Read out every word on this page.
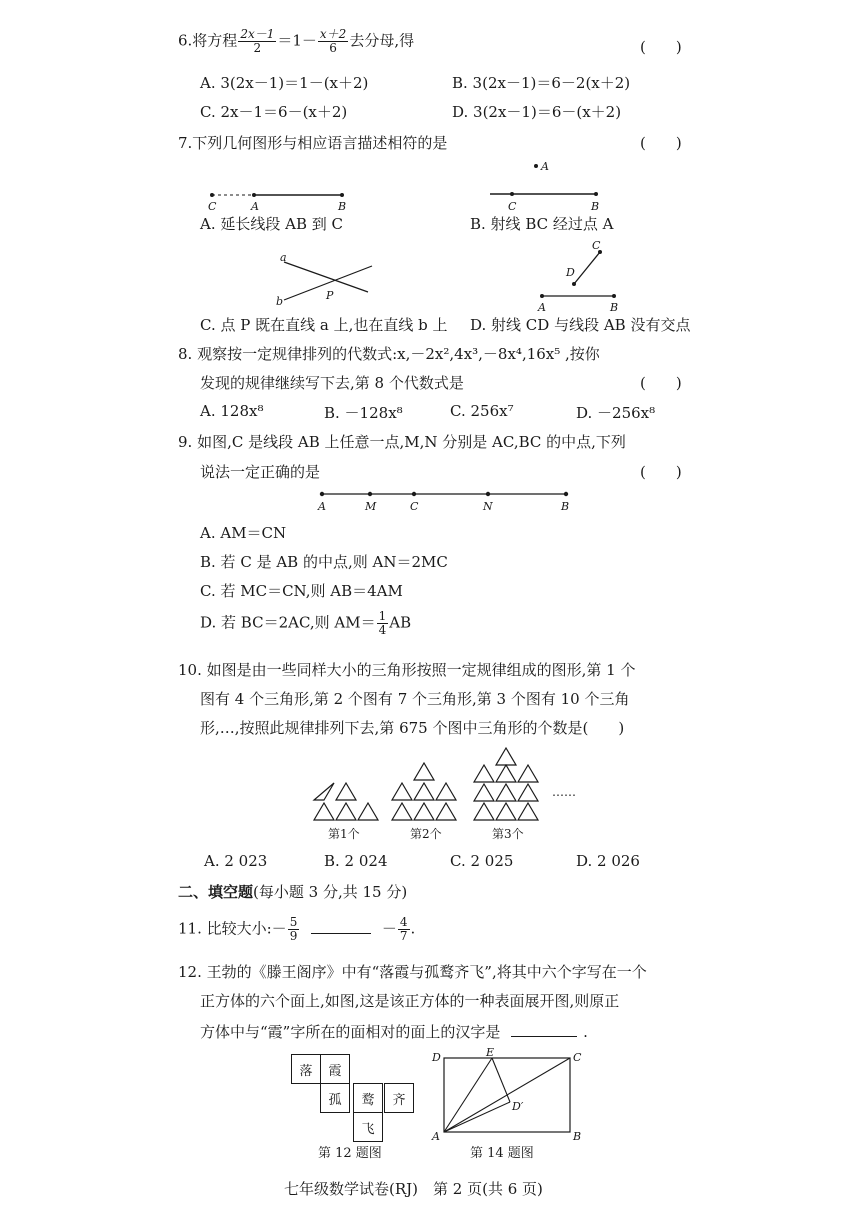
6.将方程 $\frac{2x-1}{2} =1- \frac{x+2}{6}$ 去分母,得	(　　)
A. 3(2x－1)＝1－(x＋2)	B. 3(2x－1)＝6－2(x＋2)
C. 2x－1＝6－(x＋2)	D. 3(2x－1)＝6－(x＋2)
7.下列几何图形与相应语言描述相符的是	(　　)
C	A	B
A. 延长线段 AB 到 C
A
C	B
B. 射线 BC 经过点 A
a
b	P
C. 点 P 既在直线 a 上,也在直线 b 上
C
D
A	B
D. 射线 CD 与线段 AB 没有交点
8. 观察按一定规律排列的代数式:x,－2x²,4x³,－8x⁴,16x⁵ ,按你
发现的规律继续写下去,第 8 个代数式是	(　　)
A. 128x⁸	B. －128x⁸	C. 256x⁷	D. －256x⁸
9. 如图,C 是线段 AB 上任意一点,M,N 分别是 AC,BC 的中点,下列
说法一定正确的是	(　　)
A	M	C	N	B
A. AM＝CN
B. 若 C 是 AB 的中点,则 AN＝2MC
C. 若 MC＝CN,则 AB＝4AM
D. 若 BC＝2AC,则 $AM= \frac{1}{4}$ AB
10. 如图是由一些同样大小的三角形按照一定规律组成的图形,第 1 个
图有 4 个三角形,第 2 个图有 7 个三角形,第 3 个图有 10 个三角
形,…,按照此规律排列下去,第 675 个图中三角形的个数是(　　)
……
第1个	第2个	第3个
A. 2 023	B. 2 024	C. 2 025	D. 2 026
二、填空题(每小题 3 分,共 15 分)
11. 比较大小:－ $\frac{5}{9}$	－ $\frac{4}{7}$ .
12. 王勃的《滕王阁序》中有“落霞与孤鹜齐飞”,将其中六个字写在一个
正方体的六个面上,如图,这是该正方体的一种表面展开图,则原正
方体中与“霞”字所在的面相对的面上的汉字是	.
落	霞
孤	鹜	齐
飞
第 12 题图
D	E	C
D′
A	B
第 14 题图
七年级数学试卷(RJ)　第 2 页(共 6 页)
